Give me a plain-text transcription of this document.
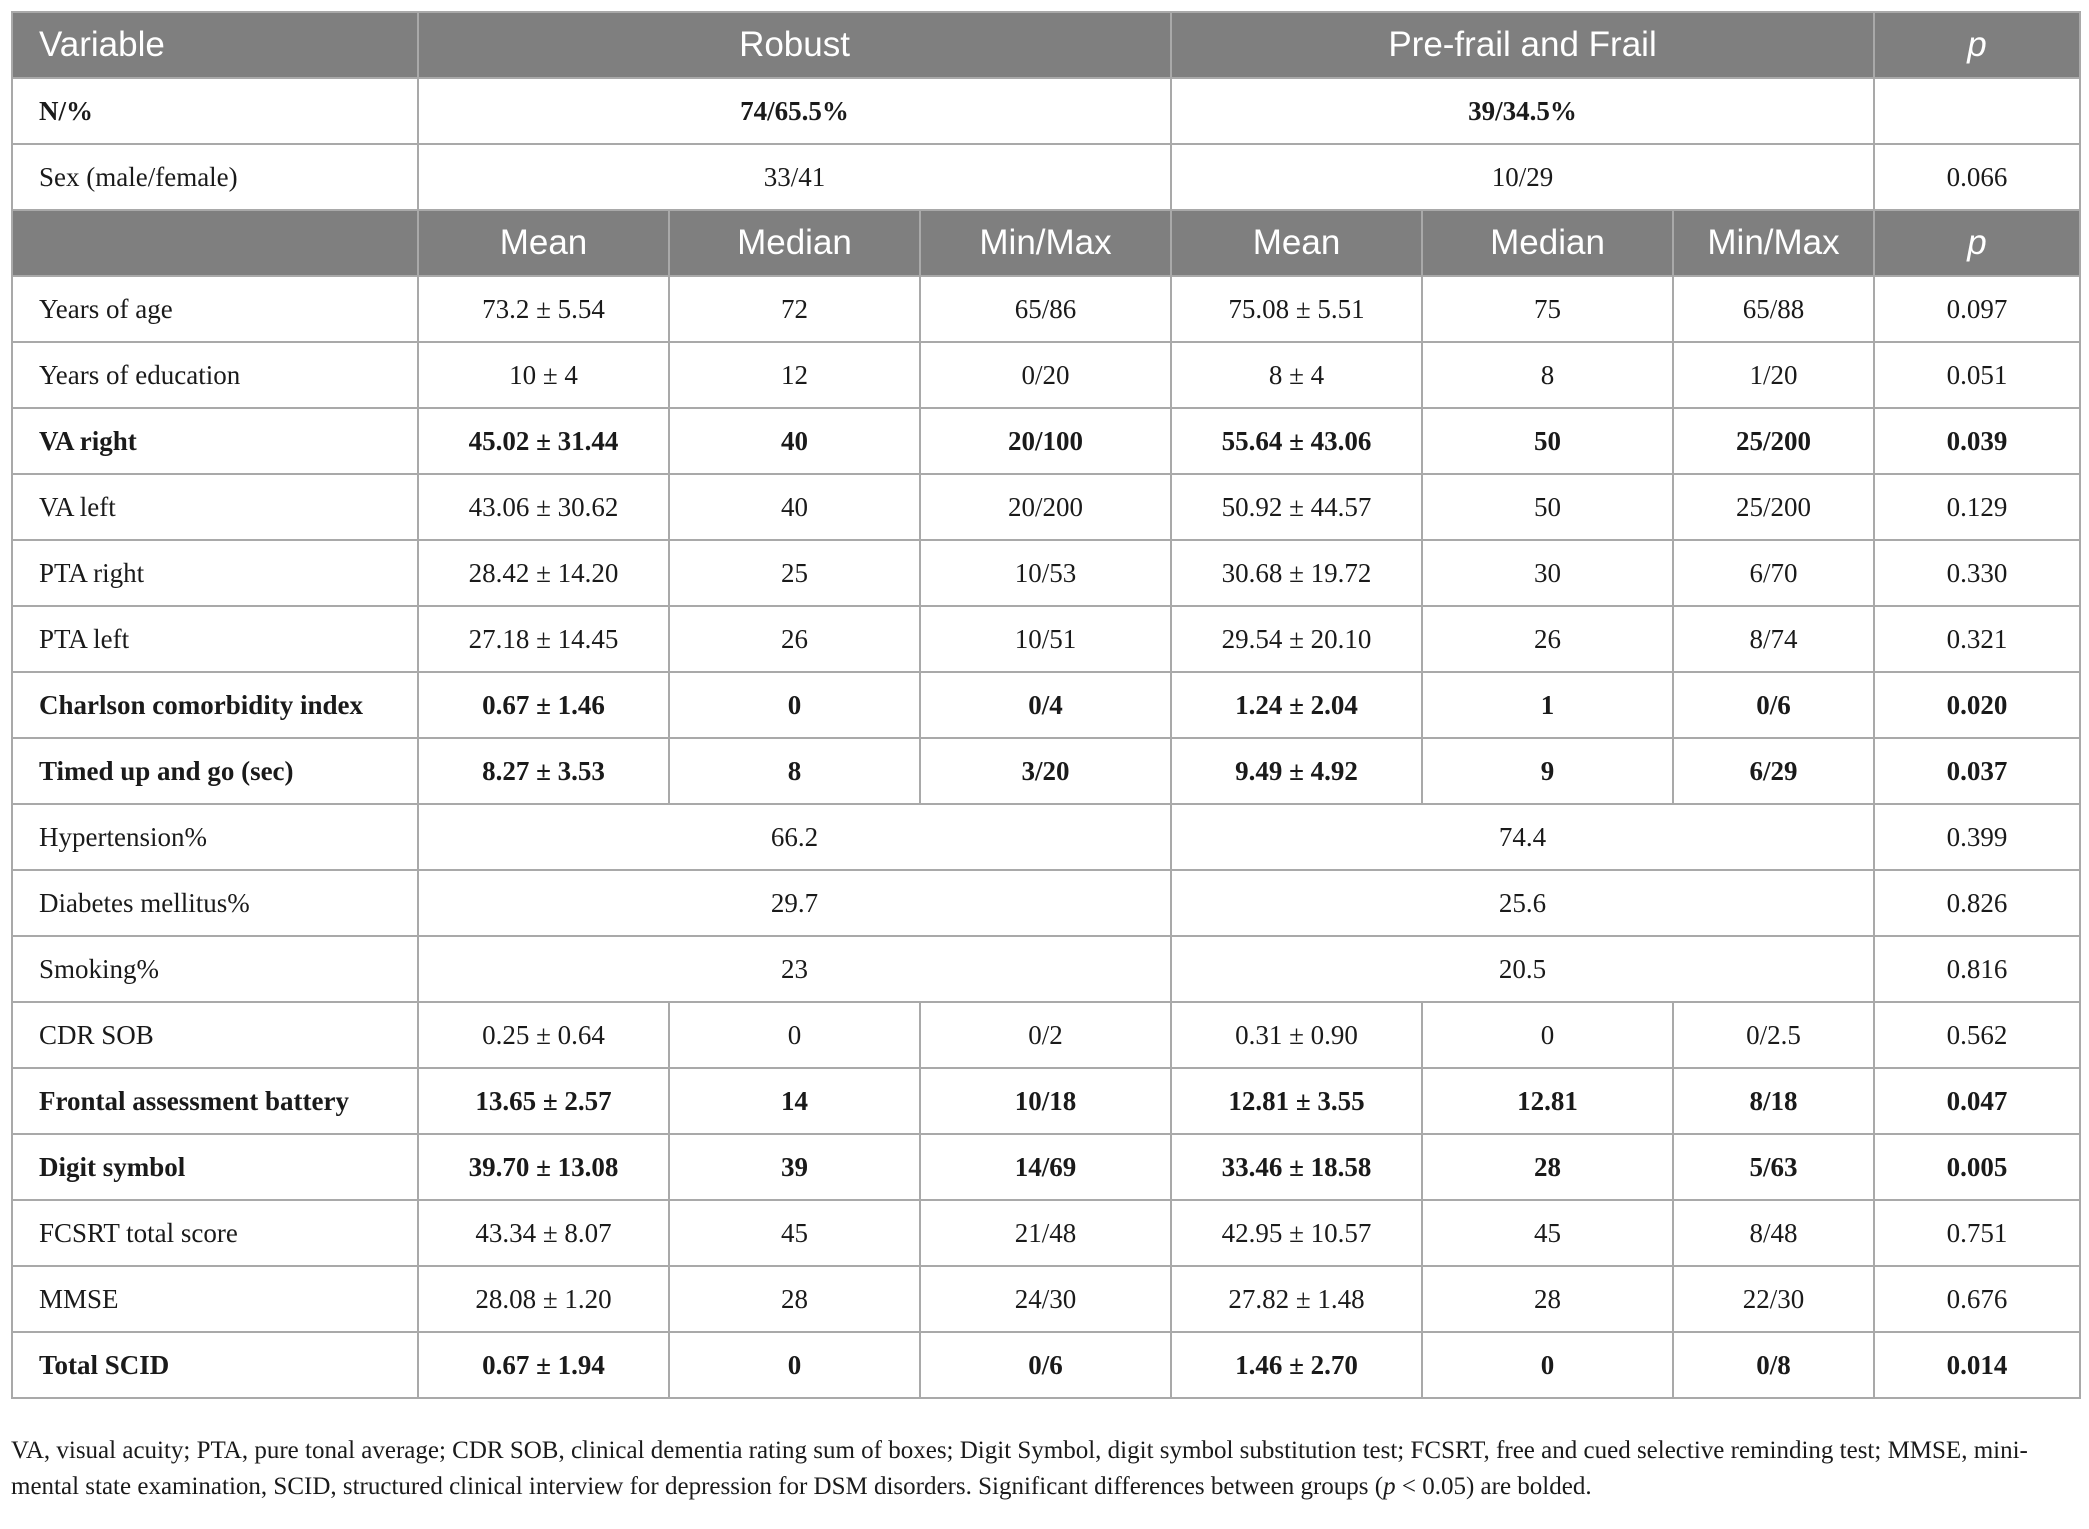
Variable	Robust			Pre-frail and Frail			p
N/%	74/65.5%			39/34.5%			
Sex (male/female)	33/41			10/29			0.066
	Mean	Median	Min/Max	Mean	Median	Min/Max	p
Years of age	73.2 ± 5.54	72	65/86	75.08 ± 5.51	75	65/88	0.097
Years of education	10 ± 4	12	0/20	8 ± 4	8	1/20	0.051
VA right	45.02 ± 31.44	40	20/100	55.64 ± 43.06	50	25/200	0.039
VA left	43.06 ± 30.62	40	20/200	50.92 ± 44.57	50	25/200	0.129
PTA right	28.42 ± 14.20	25	10/53	30.68 ± 19.72	30	6/70	0.330
PTA left	27.18 ± 14.45	26	10/51	29.54 ± 20.10	26	8/74	0.321
Charlson comorbidity index	0.67 ± 1.46	0	0/4	1.24 ± 2.04	1	0/6	0.020
Timed up and go (sec)	8.27 ± 3.53	8	3/20	9.49 ± 4.92	9	6/29	0.037
Hypertension%	66.2			74.4			0.399
Diabetes mellitus%	29.7			25.6			0.826
Smoking%	23			20.5			0.816
CDR SOB	0.25 ± 0.64	0	0/2	0.31 ± 0.90	0	0/2.5	0.562
Frontal assessment battery	13.65 ± 2.57	14	10/18	12.81 ± 3.55	12.81	8/18	0.047
Digit symbol	39.70 ± 13.08	39	14/69	33.46 ± 18.58	28	5/63	0.005
FCSRT total score	43.34 ± 8.07	45	21/48	42.95 ± 10.57	45	8/48	0.751
MMSE	28.08 ± 1.20	28	24/30	27.82 ± 1.48	28	22/30	0.676
Total SCID	0.67 ± 1.94	0	0/6	1.46 ± 2.70	0	0/8	0.014
VA, visual acuity; PTA, pure tonal average; CDR SOB, clinical dementia rating sum of boxes; Digit Symbol, digit symbol substitution test; FCSRT, free and cued selective reminding test; MMSE, mini-mental state examination, SCID, structured clinical interview for depression for DSM disorders. Significant differences between groups (p < 0.05) are bolded.
